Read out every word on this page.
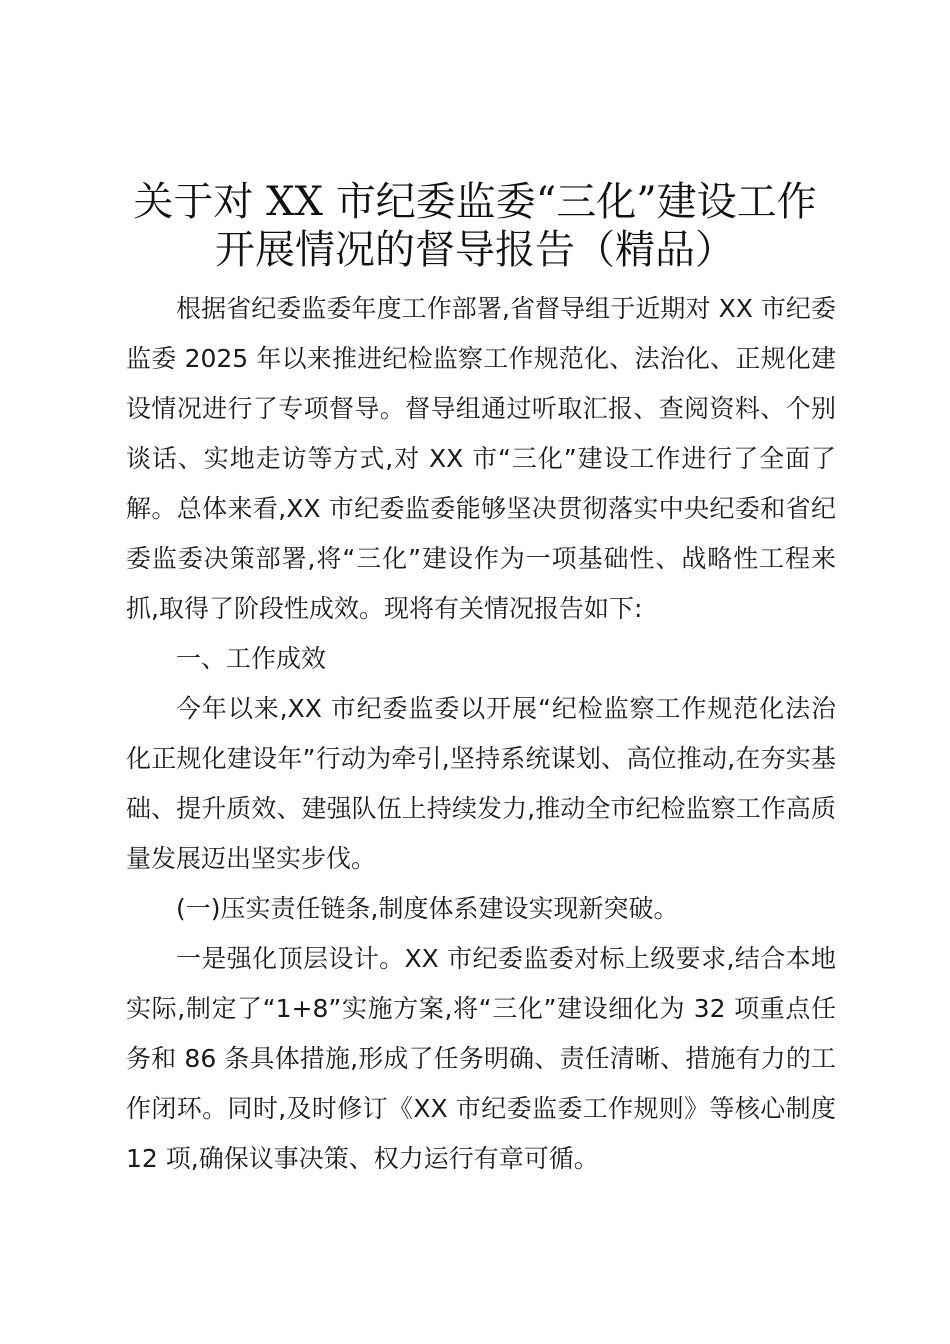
关于对 XX 市纪委监委“三化”建设工作开展情况的督导报告（精品）

根据省纪委监委年度工作部署,省督导组于近期对 XX 市纪委监委 2025 年以来推进纪检监察工作规范化、法治化、正规化建设情况进行了专项督导。督导组通过听取汇报、查阅资料、个别谈话、实地走访等方式,对 XX 市“三化”建设工作进行了全面了解。总体来看,XX 市纪委监委能够坚决贯彻落实中央纪委和省纪委监委决策部署,将“三化”建设作为一项基础性、战略性工程来抓,取得了阶段性成效。现将有关情况报告如下:

一、工作成效

今年以来,XX 市纪委监委以开展“纪检监察工作规范化法治化正规化建设年”行动为牵引,坚持系统谋划、高位推动,在夯实基础、提升质效、建强队伍上持续发力,推动全市纪检监察工作高质量发展迈出坚实步伐。

(一)压实责任链条,制度体系建设实现新突破。

一是强化顶层设计。XX 市纪委监委对标上级要求,结合本地实际,制定了“1+8”实施方案,将“三化”建设细化为 32 项重点任务和 86 条具体措施,形成了任务明确、责任清晰、措施有力的工作闭环。同时,及时修订《XX 市纪委监委工作规则》等核心制度 12 项,确保议事决策、权力运行有章可循。
